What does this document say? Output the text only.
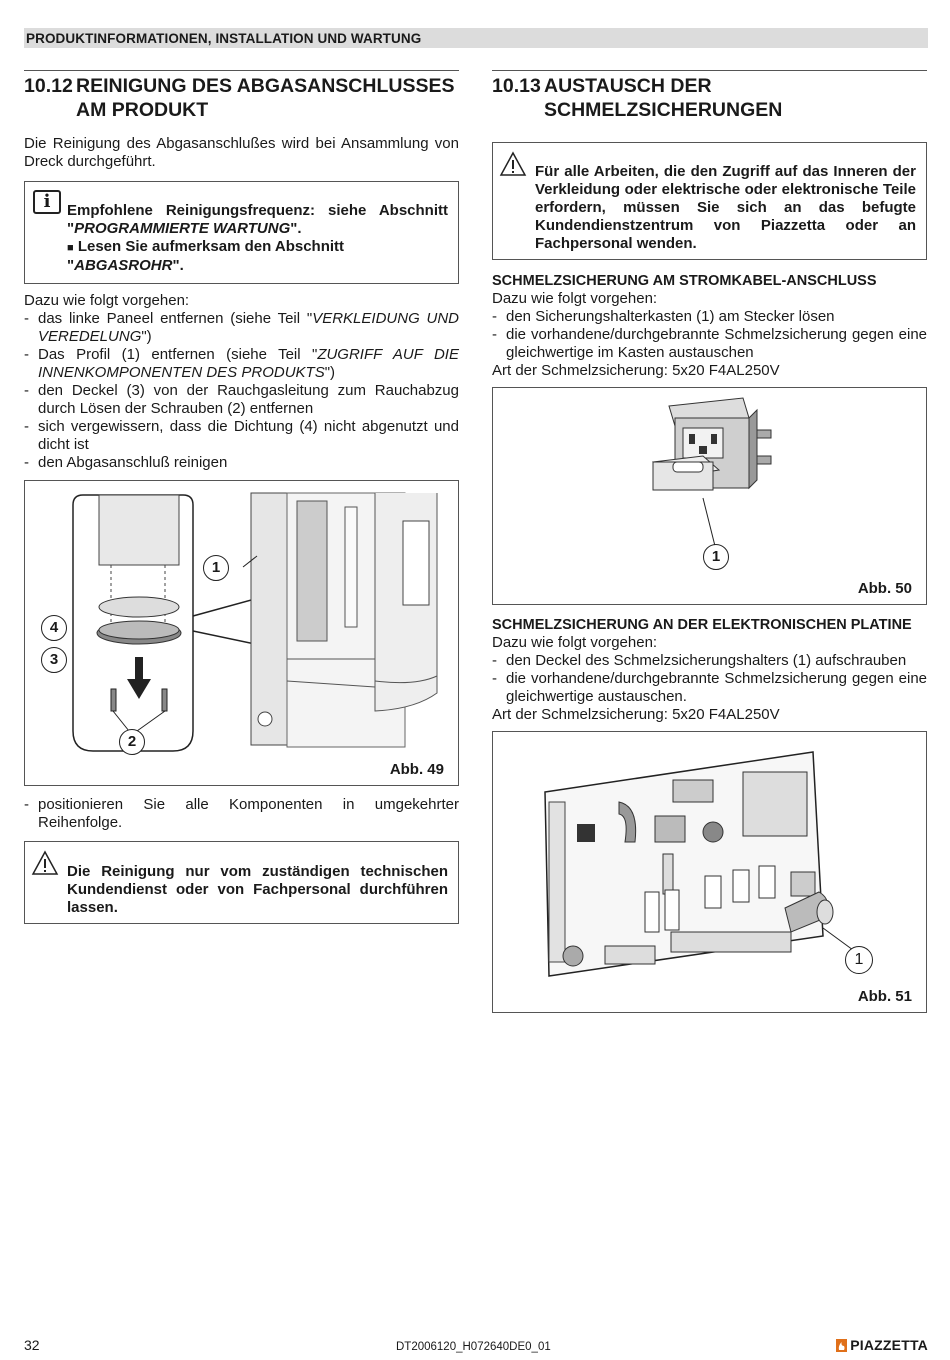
PRODUKTINFORMATIONEN, INSTALLATION UND WARTUNG
10.12 REINIGUNG DES ABGASANSCHLUSSES AM PRODUKT

Die Reinigung des Abgasanschlußes wird bei Ansammlung von Dreck durchgeführt.

i	Empfohlene Reinigungsfrequenz: siehe Abschnitt "PROGRAMMIERTE WARTUNG".

■ Lesen Sie aufmerksam den Abschnitt "ABGASROHR".

Dazu wie folgt vorgehen:

- das linke Paneel entfernen (siehe Teil "VERKLEIDUNG UND VEREDELUNG")
- Das Profil (1) entfernen (siehe Teil "ZUGRIFF AUF DIE INNENKOMPONENTEN DES PRODUKTS")
- den Deckel (3) von der Rauchgasleitung zum Rauchabzug durch Lösen der Schrauben (2) entfernen
- sich vergewissern, dass die Dichtung (4) nicht abgenutzt und dicht ist
- den Abgasanschluß reinigen
1
4
3
2
Abb. 49
- positionieren Sie alle Komponenten in umgekehrter Reihenfolge.

Die Reinigung nur vom zuständigen technischen Kundendienst oder von Fachpersonal durchführen lassen.

10.13 AUSTAUSCH DER SCHMELZSICHERUNGEN

Für alle Arbeiten, die den Zugriff auf das Inneren der Verkleidung oder elektrische oder elektronische Teile erfordern, müssen Sie sich an das befugte Kundendienstzentrum von Piazzetta oder an Fachpersonal wenden.

SCHMELZSICHERUNG AM STROMKABEL-ANSCHLUSS

Dazu wie folgt vorgehen:

- den Sicherungshalterkasten (1) am Stecker lösen
- die vorhandene/durchgebrannte Schmelzsicherung gegen eine gleichwertige im Kasten austauschen

Art der Schmelzsicherung: 5x20 F4AL250V

1
Abb. 50

SCHMELZSICHERUNG AN DER ELEKTRONISCHEN PLATINE

Dazu wie folgt vorgehen:

- den Deckel des Schmelzsicherungshalters (1) aufschrauben
- die vorhandene/durchgebrannte Schmelzsicherung gegen eine gleichwertige austauschen.

Art der Schmelzsicherung: 5x20 F4AL250V

1
Abb. 51
32	DT2006120_H072640DE0_01	PIAZZETTA
